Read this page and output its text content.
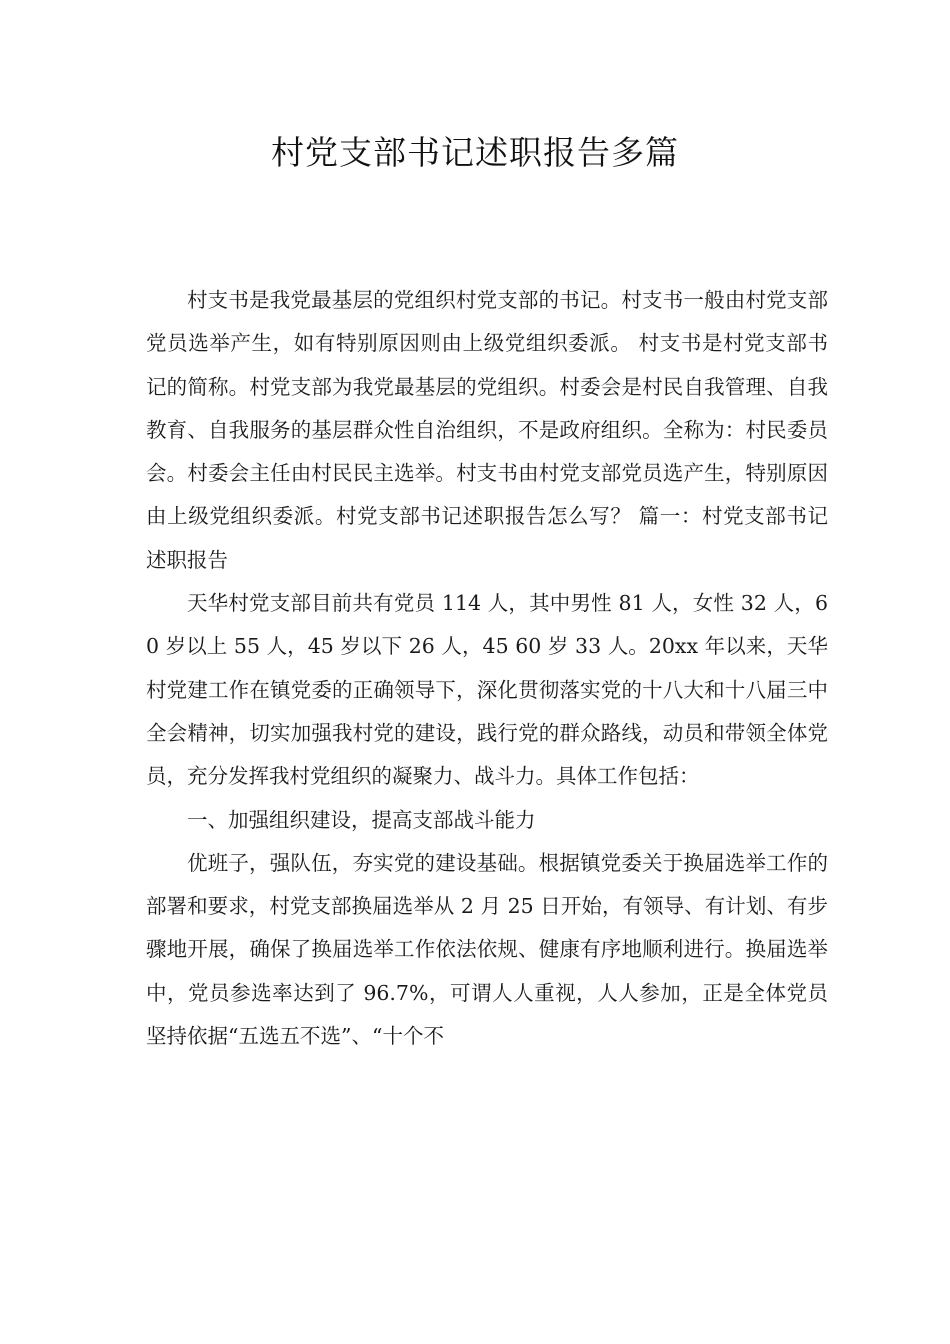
村党支部书记述职报告多篇

村支书是我党最基层的党组织村党支部的书记。村支书一般由村党支部党员选举产生，如有特别原因则由上级党组织委派。 村支书是村党支部书记的简称。村党支部为我党最基层的党组织。村委会是村民自我管理、自我教育、自我服务的基层群众性自治组织，不是政府组织。全称为：村民委员会。村委会主任由村民民主选举。村支书由村党支部党员选产生，特别原因由上级党组织委派。村党支部书记述职报告怎么写？ 篇一：村党支部书记述职报告

天华村党支部目前共有党员 114 人，其中男性 81 人，女性 32 人，60 岁以上 55 人，45 岁以下 26 人，45 60 岁 33 人。20xx 年以来，天华村党建工作在镇党委的正确领导下，深化贯彻落实党的十八大和十八届三中全会精神，切实加强我村党的建设，践行党的群众路线，动员和带领全体党员，充分发挥我村党组织的凝聚力、战斗力。具体工作包括：

一、加强组织建设，提高支部战斗能力

优班子，强队伍，夯实党的建设基础。根据镇党委关于换届选举工作的部署和要求，村党支部换届选举从 2 月 25 日开始，有领导、有计划、有步骤地开展，确保了换届选举工作依法依规、健康有序地顺利进行。换届选举中，党员参选率达到了 96.7%，可谓人人重视，人人参加，正是全体党员坚持依据“五选五不选”、“十个不
